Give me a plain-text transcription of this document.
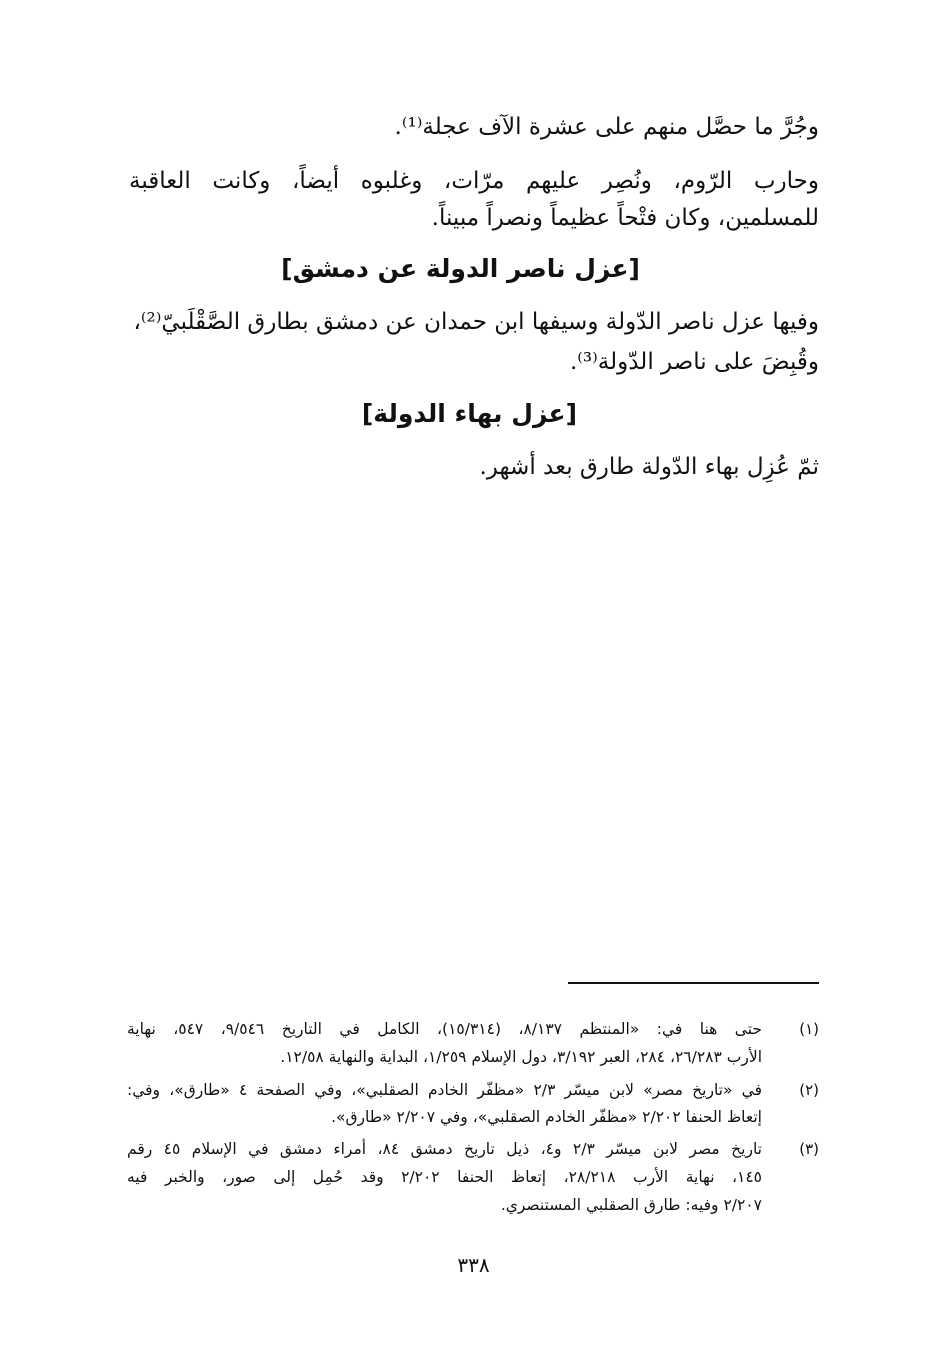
وجُرَّ ما حصَّل منهم على عشرة الآف عجلة⁽¹⁾.
وحارب الرّوم، ونُصِر عليهم مرّات، وغلبوه أيضاً، وكانت العاقبة
للمسلمين، وكان فتْحاً عظيماً ونصراً مبيناً.
[عزل ناصر الدولة عن دمشق]
وفيها عزل ناصر الدّولة وسيفها ابن حمدان عن دمشق بطارق الصَّقْلَبيّ⁽²⁾،
وقُبِضَ على ناصر الدّولة⁽³⁾.
[عزل بهاء الدولة]
ثمّ عُزِل بهاء الدّولة طارق بعد أشهر.
(١)
حتى هنا في: «المنتظم ٨/١٣٧، (١٥/٣١٤)، الكامل في التاريخ ٩/٥٤٦، ٥٤٧، نهاية
الأرب ٢٦/٢٨٣، ٢٨٤، العبر ٣/١٩٢، دول الإسلام ١/٢٥٩، البداية والنهاية ١٢/٥٨.
(٢)
في «تاريخ مصر» لابن ميسّر ٢/٣ «مظفّر الخادم الصقلبي»، وفي الصفحة ٤ «طارق»، وفي:
إتعاظ الحنفا ٢/٢٠٢ «مظفّر الخادم الصقلبي»، وفي ٢/٢٠٧ «طارق».
(٣)
تاريخ مصر لابن ميسّر ٢/٣ و٤، ذيل تاريخ دمشق ٨٤، أمراء دمشق في الإسلام ٤٥ رقم
١٤٥، نهاية الأرب ٢٨/٢١٨، إتعاظ الحنفا ٢/٢٠٢ وقد حُمِل إلى صور، والخبر فيه
٢/٢٠٧ وفيه: طارق الصقلبي المستنصري.
٣٣٨
